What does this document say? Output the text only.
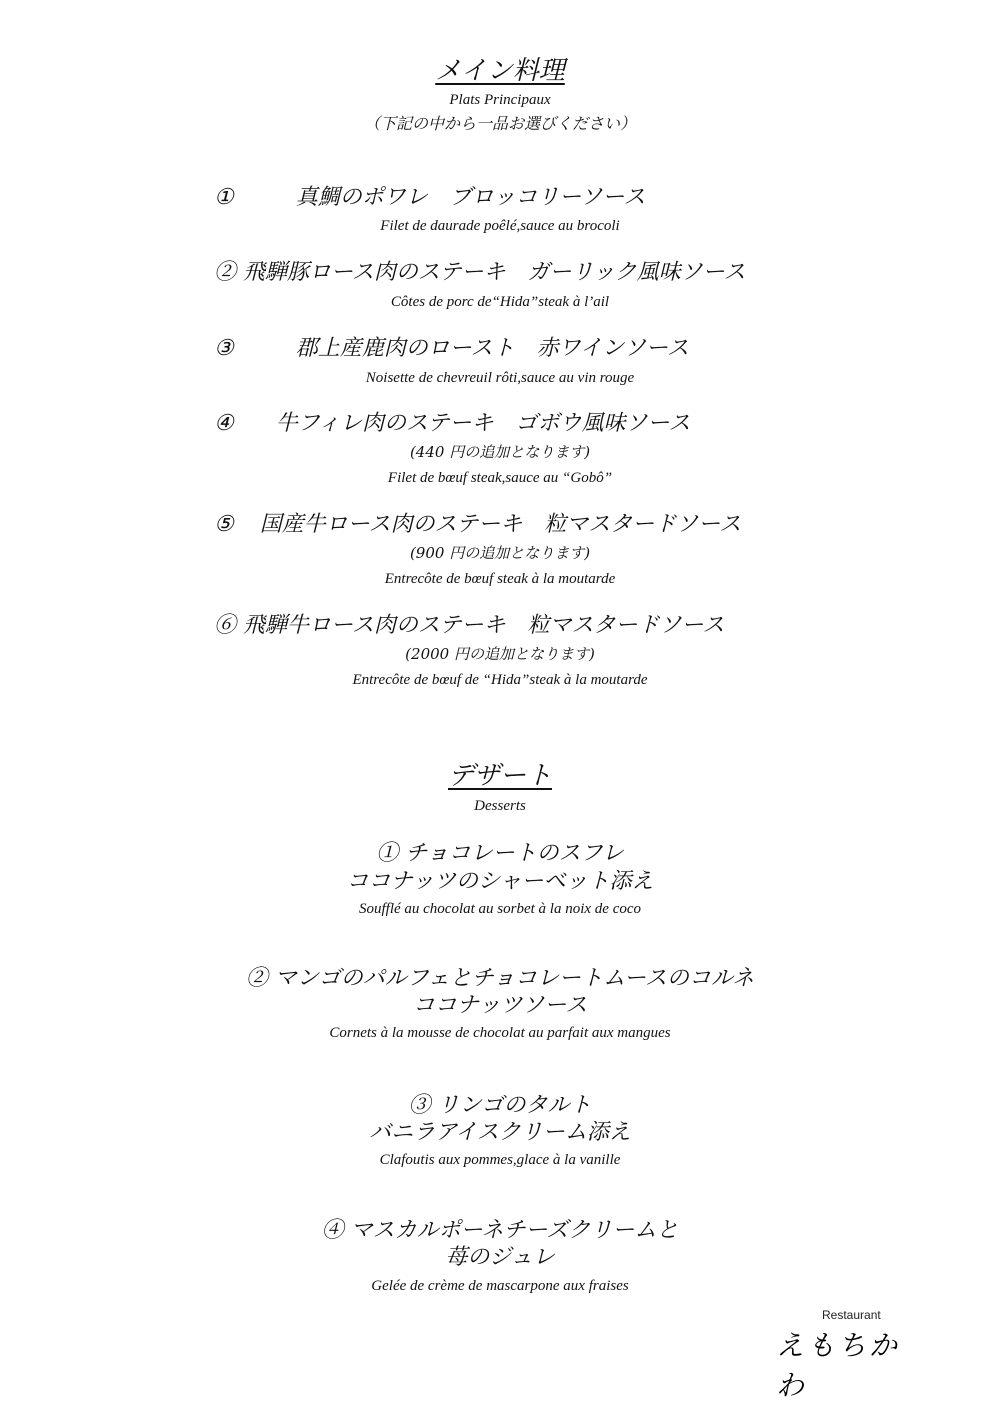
メイン料理
Plats Principaux
（下記の中から一品お選びください）
①	真鯛のポワレ　ブロッコリーソース
Filet de daurade poêlé,sauce au brocoli
② 飛騨豚ロース肉のステーキ　ガーリック風味ソース
Côtes de porc de“Hida”steak à l’ail
③	郡上産鹿肉のロースト　赤ワインソース
Noisette de chevreuil rôti,sauce au vin rouge
④ 牛フィレ肉のステーキ　ゴボウ風味ソース
(440 円の追加となります)
Filet de bœuf steak,sauce au “Gobô”
⑤ 国産牛ロース肉のステーキ　粒マスタードソース
(900 円の追加となります)
Entrecôte de bœuf steak à la moutarde
⑥ 飛騨牛ロース肉のステーキ　粒マスタードソース
(2000 円の追加となります)
Entrecôte de bœuf de “Hida”steak à la moutarde
デザート
Desserts
① チョコレートのスフレ
ココナッツのシャーベット添え
Soufflé au chocolat au sorbet à la noix de coco
② マンゴのパルフェとチョコレートムースのコルネ
ココナッツソース
Cornets à la mousse de chocolat au parfait aux mangues
③ リンゴのタルト
バニラアイスクリーム添え
Clafoutis aux pommes,glace à la vanille
④ マスカルポーネチーズクリームと
苺のジュレ
Gelée de crème de mascarpone aux fraises
Restaurant
えもちかわ
